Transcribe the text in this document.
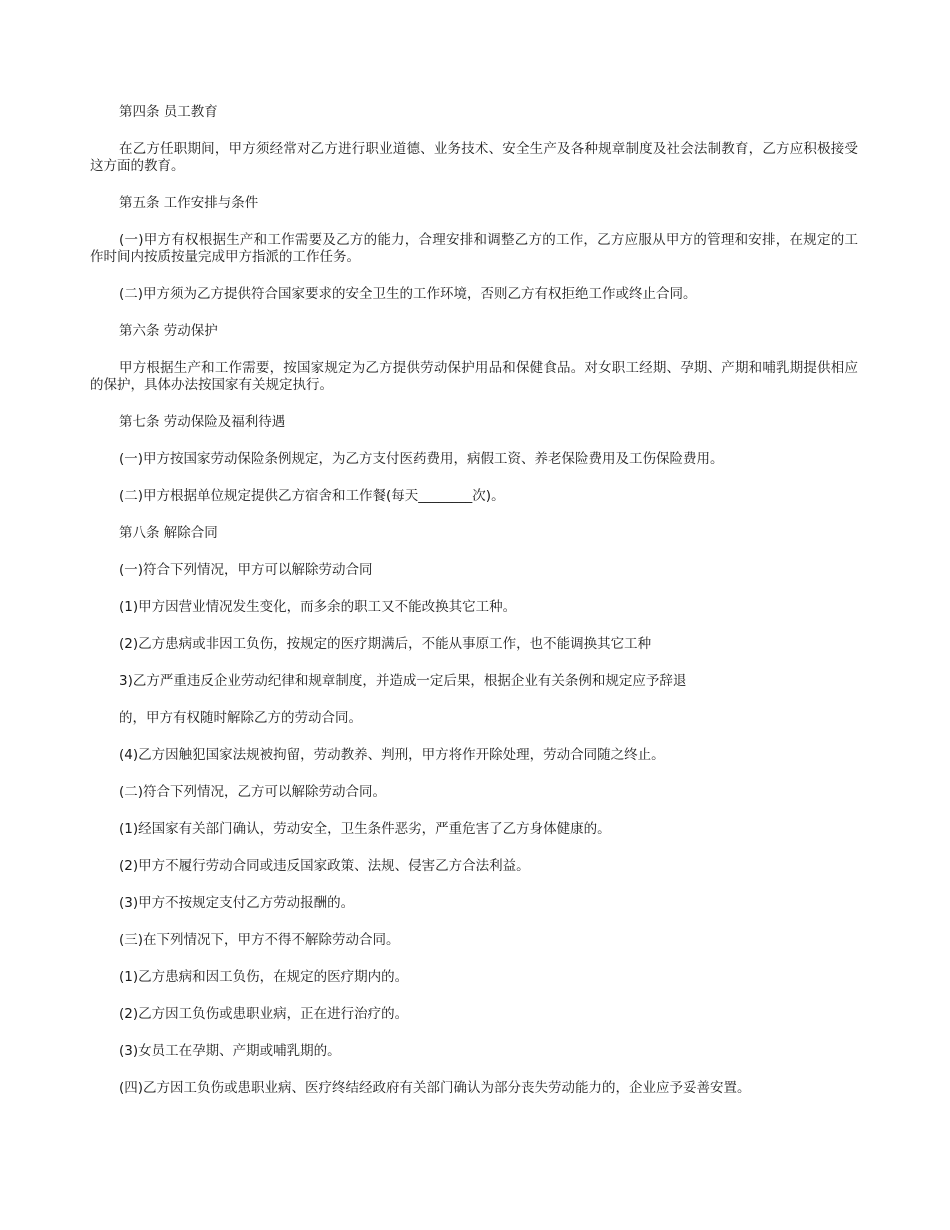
第四条 员工教育

在乙方任职期间，甲方须经常对乙方进行职业道德、业务技术、安全生产及各种规章制度及社会法制教育，乙方应积极接受这方面的教育。

第五条 工作安排与条件

(一)甲方有权根据生产和工作需要及乙方的能力，合理安排和调整乙方的工作，乙方应服从甲方的管理和安排，在规定的工作时间内按质按量完成甲方指派的工作任务。

(二)甲方须为乙方提供符合国家要求的安全卫生的工作环境，否则乙方有权拒绝工作或终止合同。

第六条 劳动保护

甲方根据生产和工作需要，按国家规定为乙方提供劳动保护用品和保健食品。对女职工经期、孕期、产期和哺乳期提供相应的保护，具体办法按国家有关规定执行。

第七条 劳动保险及福利待遇

(一)甲方按国家劳动保险条例规定，为乙方支付医药费用，病假工资、养老保险费用及工伤保险费用。

(二)甲方根据单位规定提供乙方宿舍和工作餐(每天________次)。

第八条 解除合同

(一)符合下列情况，甲方可以解除劳动合同

(1)甲方因营业情况发生变化，而多余的职工又不能改换其它工种。

(2)乙方患病或非因工负伤，按规定的医疗期满后，不能从事原工作，也不能调换其它工种

3)乙方严重违反企业劳动纪律和规章制度，并造成一定后果，根据企业有关条例和规定应予辞退

的，甲方有权随时解除乙方的劳动合同。

(4)乙方因触犯国家法规被拘留，劳动教养、判刑，甲方将作开除处理，劳动合同随之终止。

(二)符合下列情况，乙方可以解除劳动合同。

(1)经国家有关部门确认，劳动安全，卫生条件恶劣，严重危害了乙方身体健康的。

(2)甲方不履行劳动合同或违反国家政策、法规、侵害乙方合法利益。

(3)甲方不按规定支付乙方劳动报酬的。

(三)在下列情况下，甲方不得不解除劳动合同。

(1)乙方患病和因工负伤，在规定的医疗期内的。

(2)乙方因工负伤或患职业病，正在进行治疗的。

(3)女员工在孕期、产期或哺乳期的。

(四)乙方因工负伤或患职业病、医疗终结经政府有关部门确认为部分丧失劳动能力的，企业应予妥善安置。
